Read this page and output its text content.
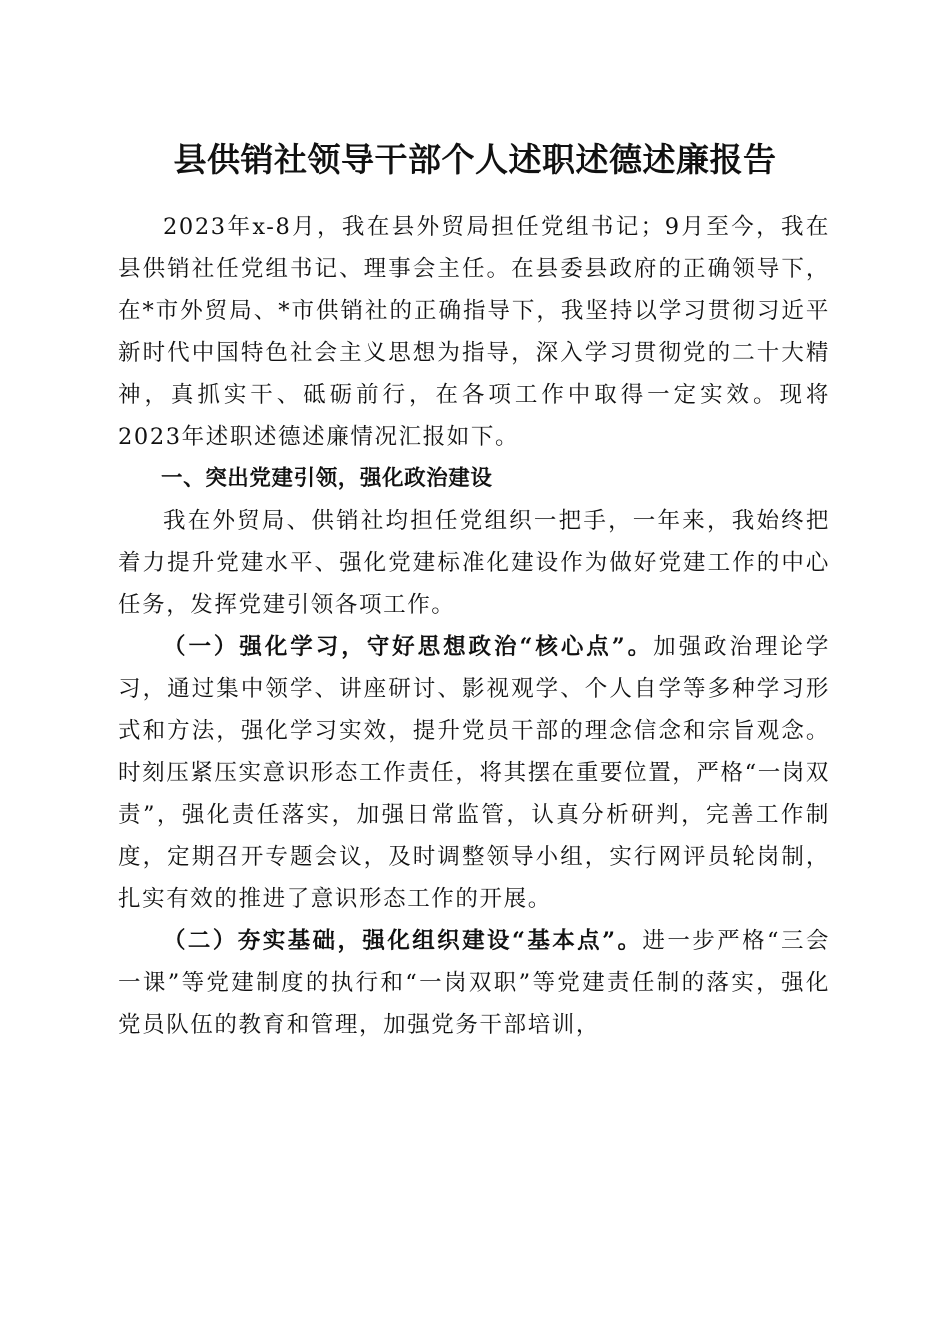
县供销社领导干部个人述职述德述廉报告

2023年x-8月，我在县外贸局担任党组书记；9月至今，我在县供销社任党组书记、理事会主任。在县委县政府的正确领导下，在*市外贸局、*市供销社的正确指导下，我坚持以学习贯彻习近平新时代中国特色社会主义思想为指导，深入学习贯彻党的二十大精神，真抓实干、砥砺前行，在各项工作中取得一定实效。现将2023年述职述德述廉情况汇报如下。

一、突出党建引领，强化政治建设

我在外贸局、供销社均担任党组织一把手，一年来，我始终把着力提升党建水平、强化党建标准化建设作为做好党建工作的中心任务，发挥党建引领各项工作。

（一）强化学习，守好思想政治“核心点”。加强政治理论学习，通过集中领学、讲座研讨、影视观学、个人自学等多种学习形式和方法，强化学习实效，提升党员干部的理念信念和宗旨观念。时刻压紧压实意识形态工作责任，将其摆在重要位置，严格“一岗双责”，强化责任落实，加强日常监管，认真分析研判，完善工作制度，定期召开专题会议，及时调整领导小组，实行网评员轮岗制，扎实有效的推进了意识形态工作的开展。

（二）夯实基础，强化组织建设“基本点”。进一步严格“三会一课”等党建制度的执行和“一岗双职”等党建责任制的落实，强化党员队伍的教育和管理，加强党务干部培训，
